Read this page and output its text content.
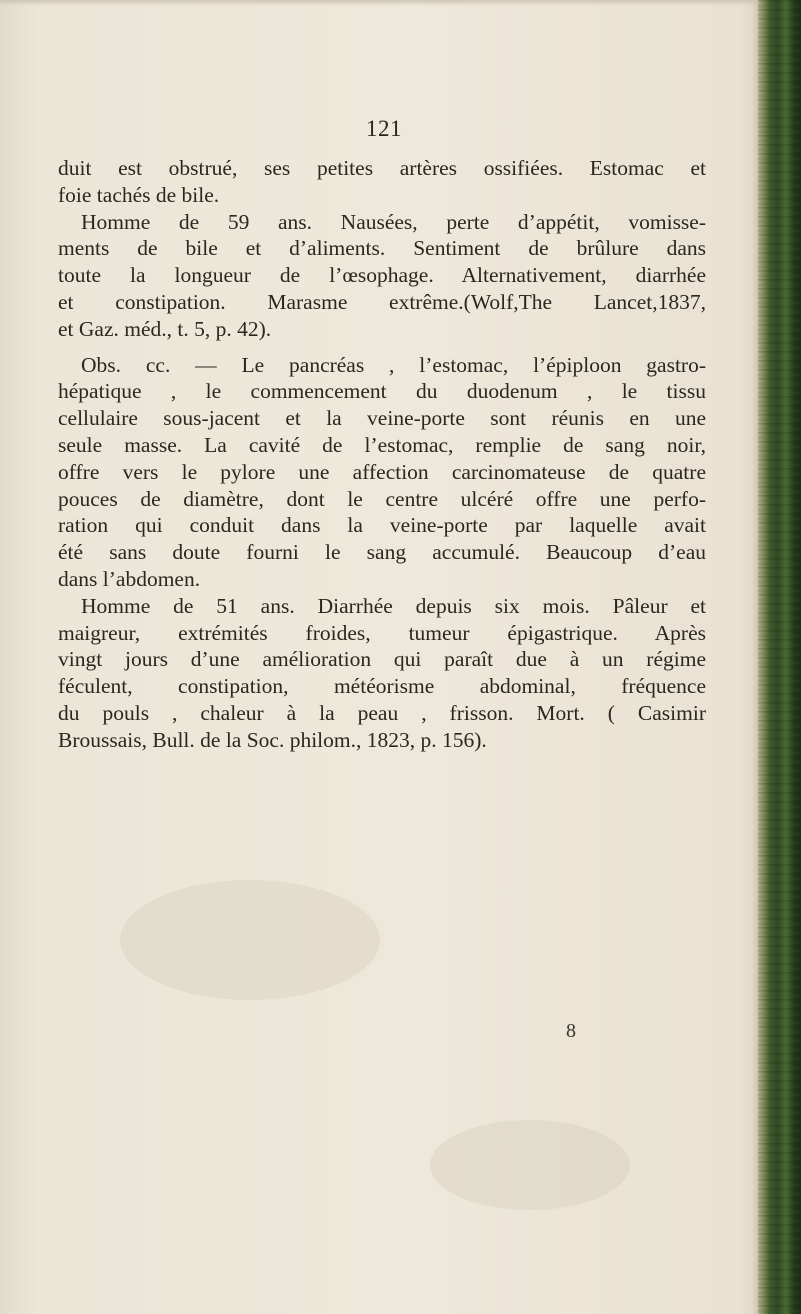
121

duit est obstrué, ses petites artères ossifiées. Estomac et
foie tachés de bile.

Homme de 59 ans. Nausées, perte d’appétit, vomisse-
ments de bile et d’aliments. Sentiment de brûlure dans
toute la longueur de l’œsophage. Alternativement, diarrhée
et constipation. Marasme extrême.(Wolf,The Lancet,1837,
et Gaz. méd., t. 5, p. 42).

Obs. cc. — Le pancréas , l’estomac, l’épiploon gastro-
hépatique , le commencement du duodenum , le tissu
cellulaire sous-jacent et la veine-porte sont réunis en une
seule masse. La cavité de l’estomac, remplie de sang noir,
offre vers le pylore une affection carcinomateuse de quatre
pouces de diamètre, dont le centre ulcéré offre une perfo-
ration qui conduit dans la veine-porte par laquelle avait
été sans doute fourni le sang accumulé. Beaucoup d’eau
dans l’abdomen.

Homme de 51 ans. Diarrhée depuis six mois. Pâleur et
maigreur, extrémités froides, tumeur épigastrique. Après
vingt jours d’une amélioration qui paraît due à un régime
féculent, constipation, météorisme abdominal, fréquence
du pouls , chaleur à la peau , frisson. Mort. ( Casimir
Broussais, Bull. de la Soc. philom., 1823, p. 156).

8
